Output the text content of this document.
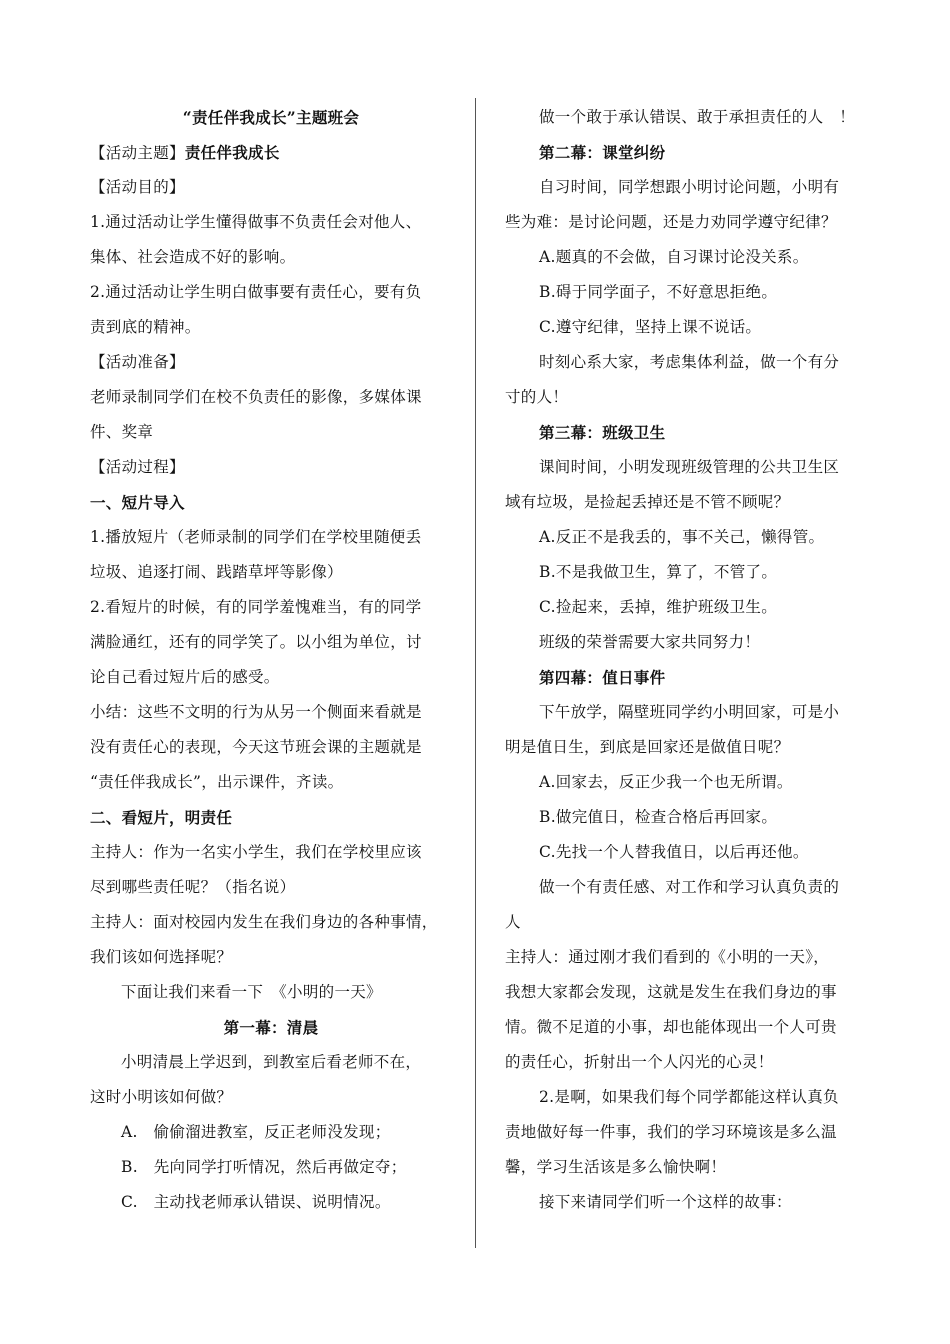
“责任伴我成长”主题班会
【活动主题】责任伴我成长
【活动目的】
1.通过活动让学生懂得做事不负责任会对他人、
集体、社会造成不好的影响。
2.通过活动让学生明白做事要有责任心，要有负
责到底的精神。
【活动准备】
老师录制同学们在校不负责任的影像，多媒体课
件、奖章
【活动过程】
一、短片导入
1.播放短片（老师录制的同学们在学校里随便丢
垃圾、追逐打闹、践踏草坪等影像）
2.看短片的时候，有的同学羞愧难当，有的同学
满脸通红，还有的同学笑了。以小组为单位，讨
论自己看过短片后的感受。
小结：这些不文明的行为从另一个侧面来看就是
没有责任心的表现，今天这节班会课的主题就是
“责任伴我成长”，出示课件，齐读。
二、看短片，明责任
主持人：作为一名实小学生，我们在学校里应该
尽到哪些责任呢？（指名说）
主持人：面对校园内发生在我们身边的各种事情，
我们该如何选择呢？
下面让我们来看一下　《小明的一天》
第一幕：清晨
小明清晨上学迟到，到教室后看老师不在，
这时小明该如何做？
A.　偷偷溜进教室，反正老师没发现；
B.　先向同学打听情况，然后再做定夺；
C.　主动找老师承认错误、说明情况。
做一个敢于承认错误、敢于承担责任的人　！
第二幕：课堂纠纷
自习时间，同学想跟小明讨论问题，小明有
些为难：是讨论问题，还是力劝同学遵守纪律？
A.题真的不会做，自习课讨论没关系。
B.碍于同学面子，不好意思拒绝。
C.遵守纪律，坚持上课不说话。
时刻心系大家，考虑集体利益，做一个有分
寸的人！
第三幕：班级卫生
课间时间，小明发现班级管理的公共卫生区
域有垃圾，是捡起丢掉还是不管不顾呢？
A.反正不是我丢的，事不关己，懒得管。
B.不是我做卫生，算了，不管了。
C.捡起来，丢掉，维护班级卫生。
班级的荣誉需要大家共同努力！
第四幕：值日事件
下午放学，隔壁班同学约小明回家，可是小
明是值日生，到底是回家还是做值日呢？
A.回家去，反正少我一个也无所谓。
B.做完值日，检查合格后再回家。
C.先找一个人替我值日，以后再还他。
做一个有责任感、对工作和学习认真负责的
人
主持人：通过刚才我们看到的《小明的一天》，
我想大家都会发现，这就是发生在我们身边的事
情。微不足道的小事，却也能体现出一个人可贵
的责任心，折射出一个人闪光的心灵！
2.是啊，如果我们每个同学都能这样认真负
责地做好每一件事，我们的学习环境该是多么温
馨，学习生活该是多么愉快啊！
接下来请同学们听一个这样的故事：
